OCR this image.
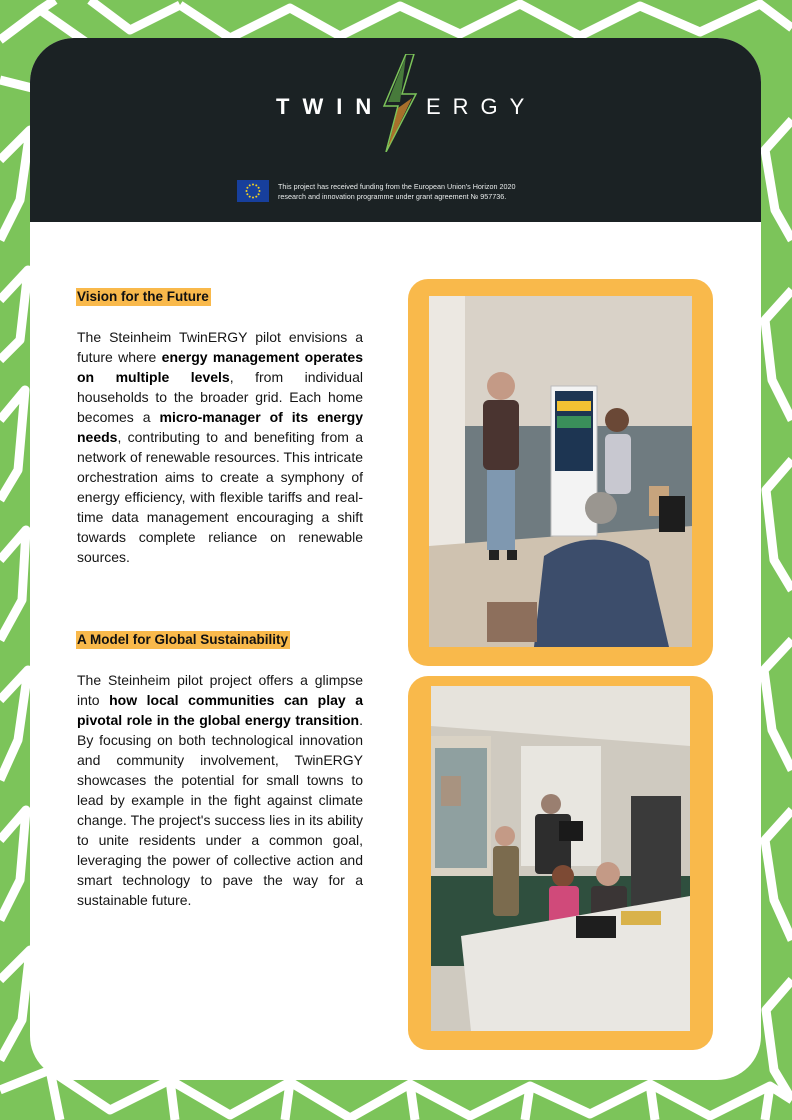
TWIN ERGY
This project has received funding from the European Union's Horizon 2020
research and innovation programme under grant agreement № 957736.
Vision for the Future

The Steinheim TwinERGY pilot envisions a future where energy management operates on multiple levels, from individual households to the broader grid. Each home becomes a micro-manager of its energy needs, contributing to and benefiting from a network of renewable resources. This intricate orchestration aims to create a symphony of energy efficiency, with flexible tariffs and real-time data management encouraging a shift towards complete reliance on renewable sources.

A Model for Global Sustainability

The Steinheim pilot project offers a glimpse into how local communities can play a pivotal role in the global energy transition. By focusing on both technological innovation and community involvement, TwinERGY showcases the potential for small towns to lead by example in the fight against climate change. The project's success lies in its ability to unite residents under a common goal, leveraging the power of collective action and smart technology to pave the way for a sustainable future.
